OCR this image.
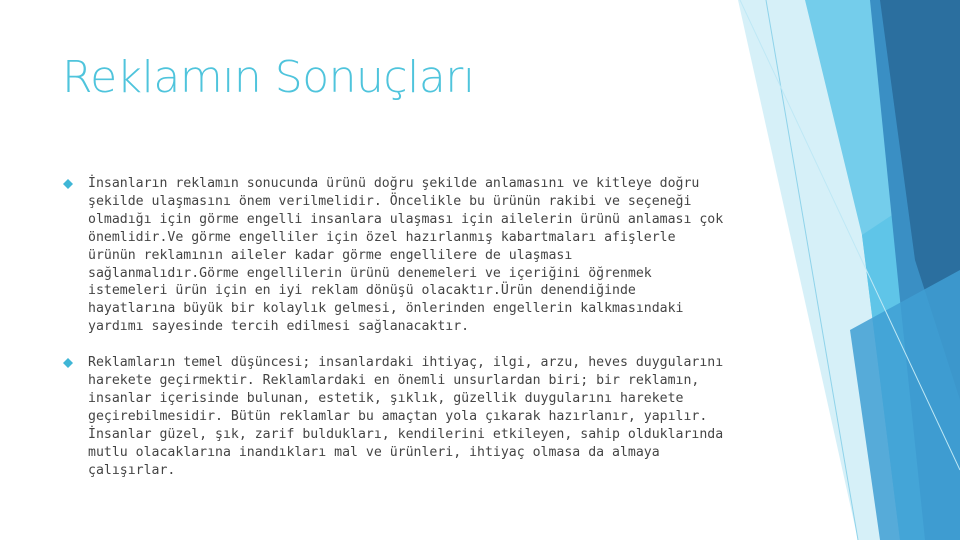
Reklamın Sonuçları
İnsanların reklamın sonucunda ürünü doğru şekilde anlamasını ve kitleye doğru şekilde ulaşmasını önem verilmelidir. Öncelikle bu ürünün rakibi ve seçeneği olmadığı için görme engelli insanlara ulaşması için ailelerin ürünü anlaması çok önemlidir.Ve görme engelliler için özel hazırlanmış kabartmaları afişlerle ürünün reklamının aileler kadar görme engellilere de ulaşması sağlanmalıdır.Görme engellilerin ürünü denemeleri ve içeriğini öğrenmek istemeleri ürün için en iyi reklam dönüşü olacaktır.Ürün denendiğinde hayatlarına büyük bir kolaylık gelmesi, önlerinden engellerin kalkmasındaki yardımı sayesinde tercih edilmesi sağlanacaktır.
Reklamların temel düşüncesi; insanlardaki ihtiyaç, ilgi, arzu, heves duygularını harekete geçirmektir. Reklamlardaki en önemli unsurlardan biri; bir reklamın, insanlar içerisinde bulunan, estetik, şıklık, güzellik duygularını harekete geçirebilmesidir. Bütün reklamlar bu amaçtan yola çıkarak hazırlanır, yapılır. İnsanlar güzel, şık, zarif buldukları, kendilerini etkileyen, sahip olduklarında mutlu olacaklarına inandıkları mal ve ürünleri, ihtiyaç olmasa da almaya çalışırlar.
